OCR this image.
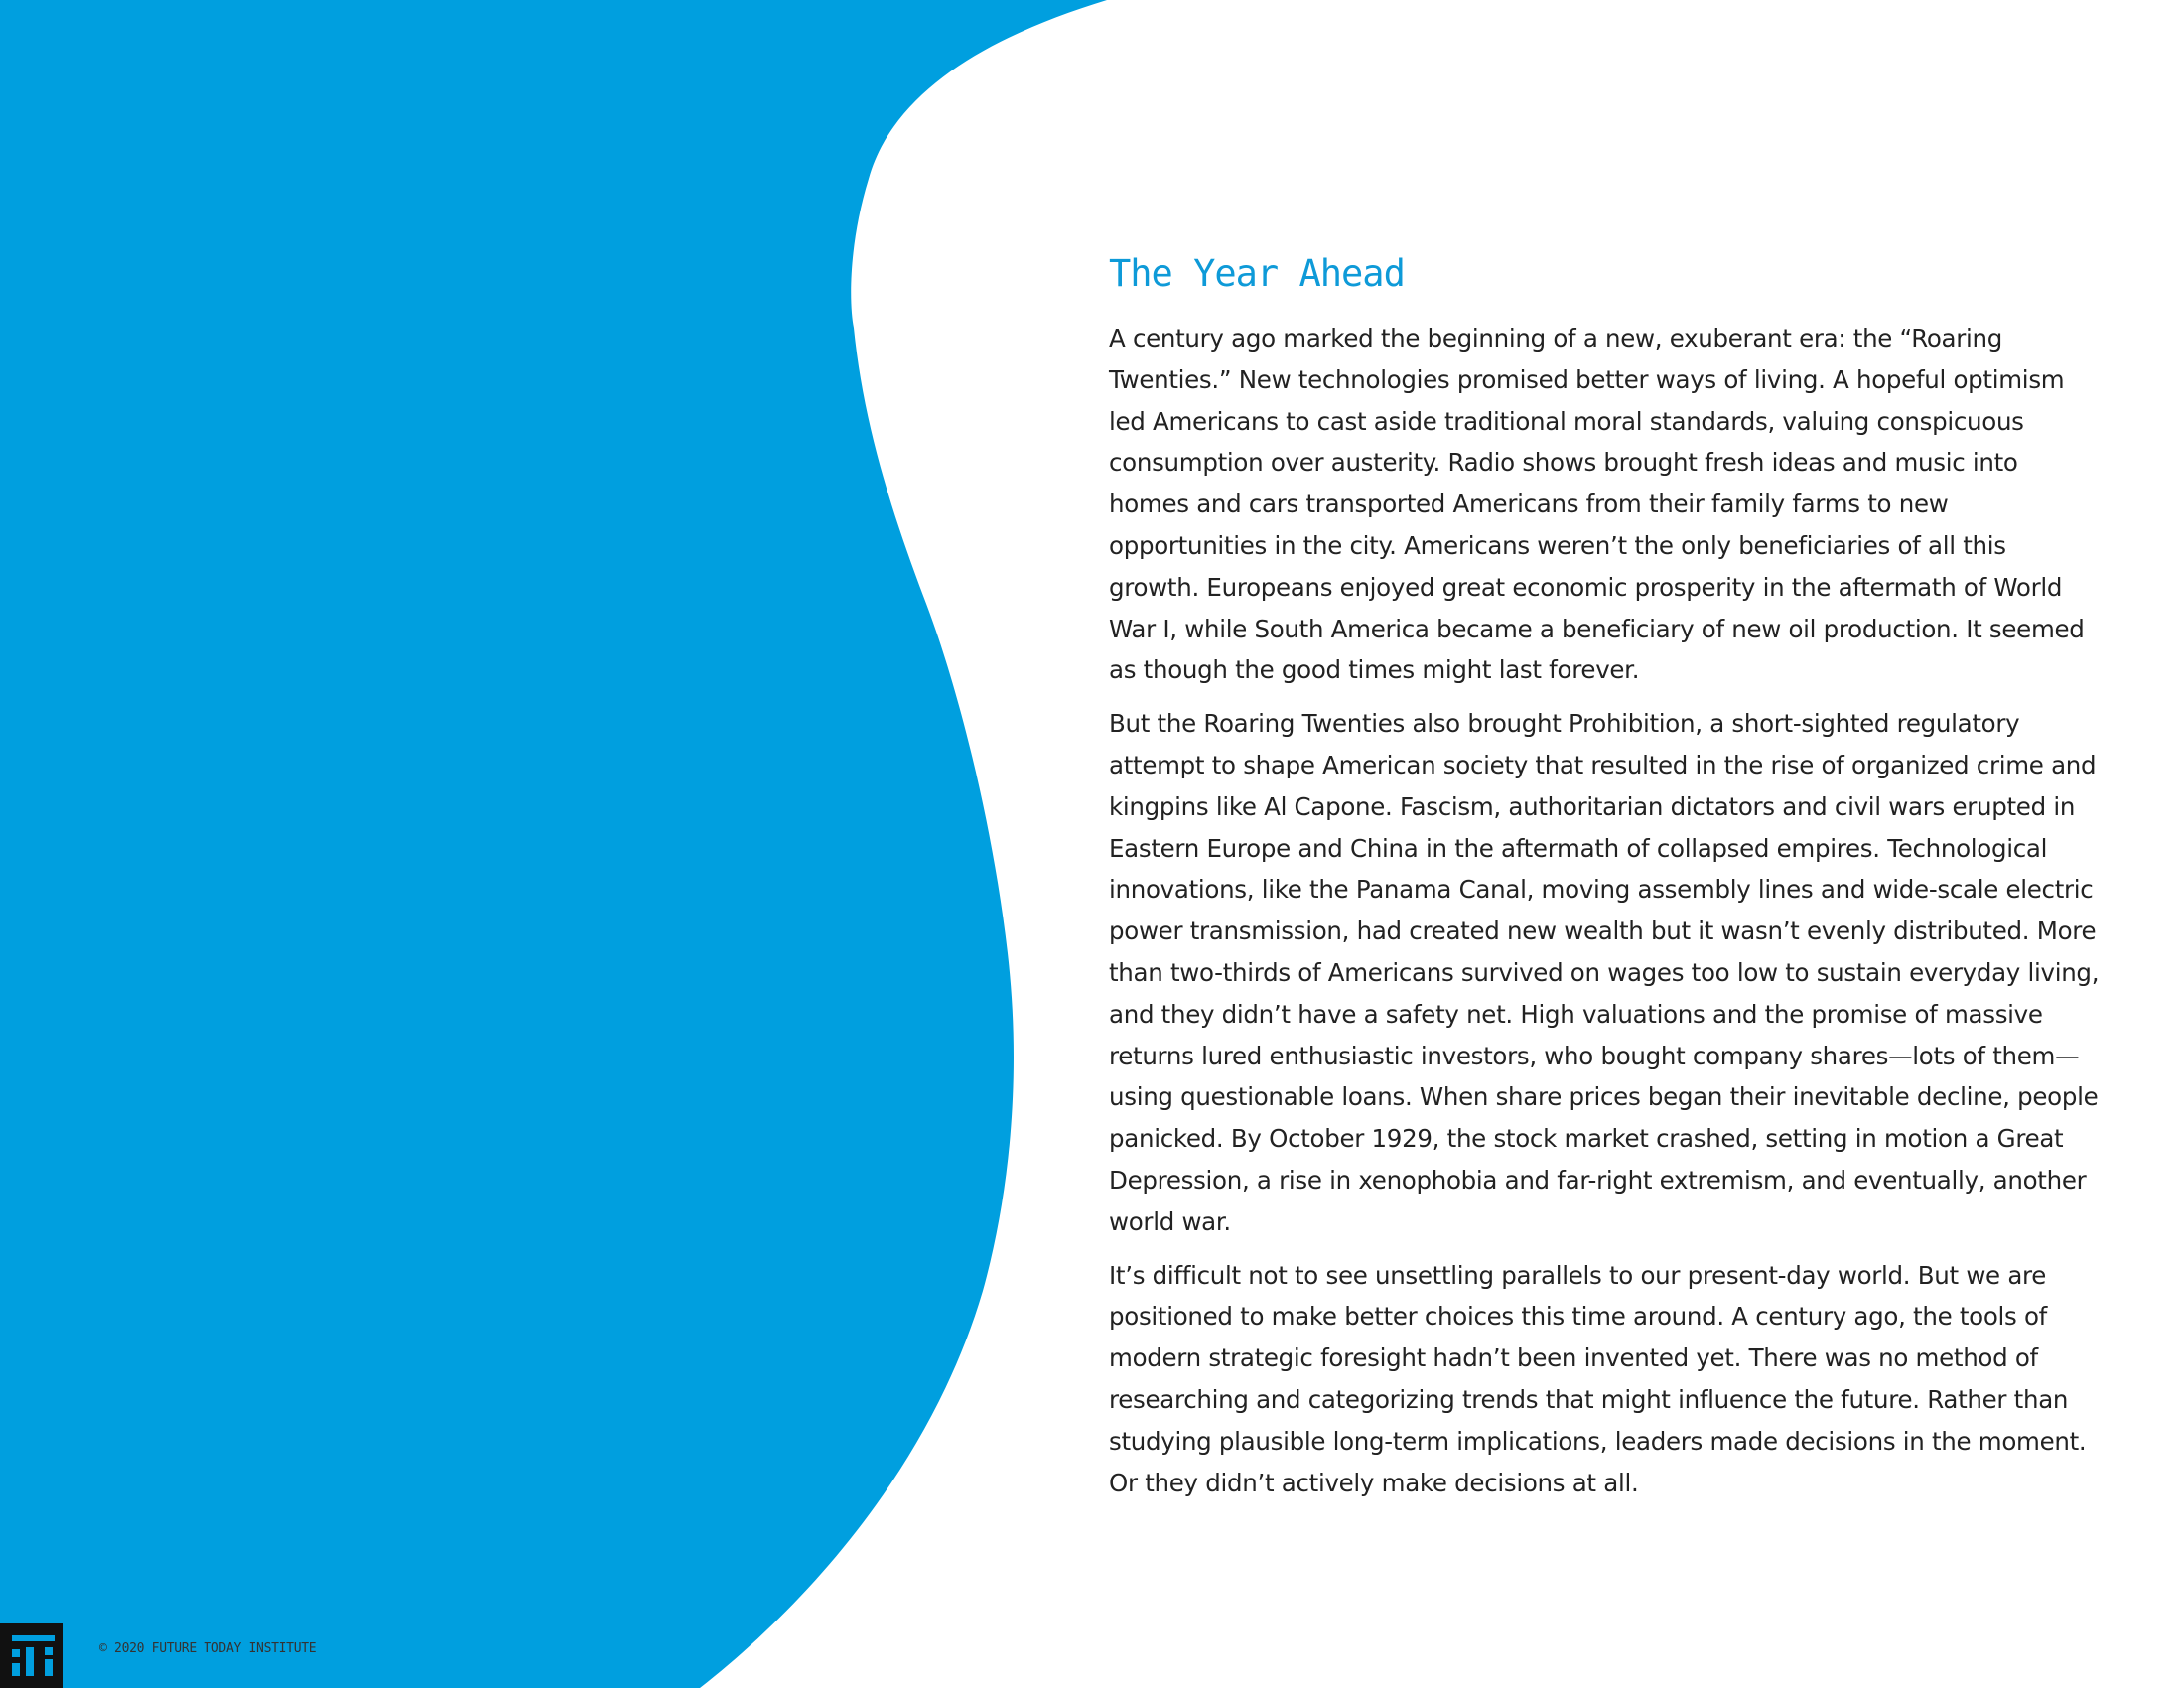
The Year Ahead

A century ago marked the beginning of a new, exuberant era: the “Roaring Twenties.” New technologies promised better ways of living. A hopeful optimism led Americans to cast aside traditional moral standards, valuing conspicuous consumption over austerity. Radio shows brought fresh ideas and music into homes and cars transported Americans from their family farms to new opportunities in the city. Americans weren’t the only beneficiaries of all this growth. Europeans enjoyed great economic prosperity in the aftermath of World War I, while South America became a beneficiary of new oil production. It seemed as though the good times might last forever.

But the Roaring Twenties also brought Prohibition, a short-sighted regulatory attempt to shape American society that resulted in the rise of organized crime and kingpins like Al Capone. Fascism, authoritarian dictators and civil wars erupted in Eastern Europe and China in the aftermath of collapsed empires. Technological innovations, like the Panama Canal, moving assembly lines and wide-scale electric power transmission, had created new wealth but it wasn’t evenly distributed. More than two-thirds of Americans survived on wages too low to sustain everyday living, and they didn’t have a safety net. High valuations and the promise of massive returns lured enthusiastic investors, who bought company shares—lots of them—using questionable loans. When share prices began their inevitable decline, people panicked. By October 1929, the stock market crashed, setting in motion a Great Depression, a rise in xenophobia and far-right extremism, and eventually, another world war.

It’s difficult not to see unsettling parallels to our present-day world. But we are positioned to make better choices this time around. A century ago, the tools of modern strategic foresight hadn’t been invented yet. There was no method of researching and categorizing trends that might influence the future. Rather than studying plausible long-term implications, leaders made decisions in the moment. Or they didn’t actively make decisions at all.

© 2020 FUTURE TODAY INSTITUTE
